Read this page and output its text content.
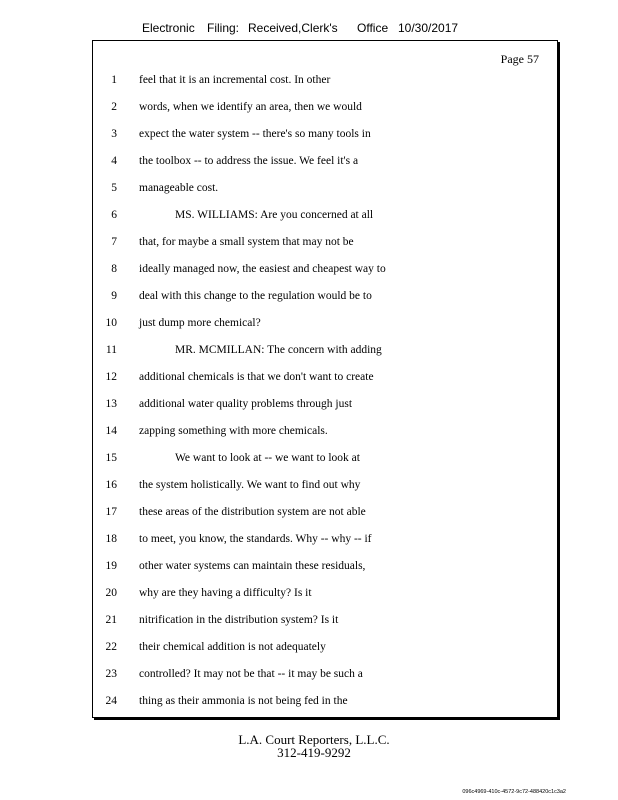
Electronic Filing: Received,Clerk's Office 10/30/2017
Page 57
1 feel that it is an incremental cost. In other
2 words, when we identify an area, then we would
3 expect the water system -- there's so many tools in
4 the toolbox -- to address the issue. We feel it's a
5 manageable cost.
6	MS. WILLIAMS: Are you concerned at all
7 that, for maybe a small system that may not be
8 ideally managed now, the easiest and cheapest way to
9 deal with this change to the regulation would be to
10 just dump more chemical?
11	MR. MCMILLAN: The concern with adding
12 additional chemicals is that we don't want to create
13 additional water quality problems through just
14 zapping something with more chemicals.
15	We want to look at -- we want to look at
16 the system holistically. We want to find out why
17 these areas of the distribution system are not able
18 to meet, you know, the standards. Why -- why -- if
19 other water systems can maintain these residuals,
20 why are they having a difficulty? Is it
21 nitrification in the distribution system? Is it
22 their chemical addition is not adequately
23 controlled? It may not be that -- it may be such a
24 thing as their ammonia is not being fed in the
L.A. Court Reporters, L.L.C.
312-419-9292
096c4969-410c-4572-9c72-488420c1c3a2
